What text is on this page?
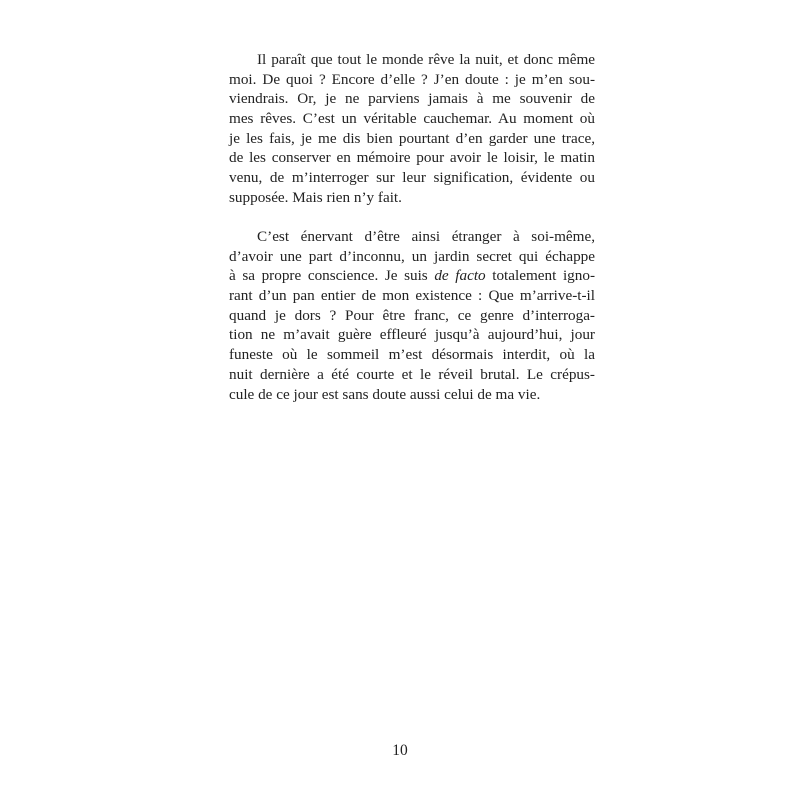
Il paraît que tout le monde rêve la nuit, et donc même
moi. De quoi ? Encore d’elle ? J’en doute : je m’en sou-
viendrais. Or, je ne parviens jamais à me souvenir de
mes rêves. C’est un véritable cauchemar. Au moment où
je les fais, je me dis bien pourtant d’en garder une trace,
de les conserver en mémoire pour avoir le loisir, le matin
venu, de m’interroger sur leur signification, évidente ou
supposée. Mais rien n’y fait.
C’est énervant d’être ainsi étranger à soi-même,
d’avoir une part d’inconnu, un jardin secret qui échappe
à sa propre conscience. Je suis de facto totalement igno-
rant d’un pan entier de mon existence : Que m’arrive-t-il
quand je dors ? Pour être franc, ce genre d’interroga-
tion ne m’avait guère effleuré jusqu’à aujourd’hui, jour
funeste où le sommeil m’est désormais interdit, où la
nuit dernière a été courte et le réveil brutal. Le crépus-
cule de ce jour est sans doute aussi celui de ma vie.
10
